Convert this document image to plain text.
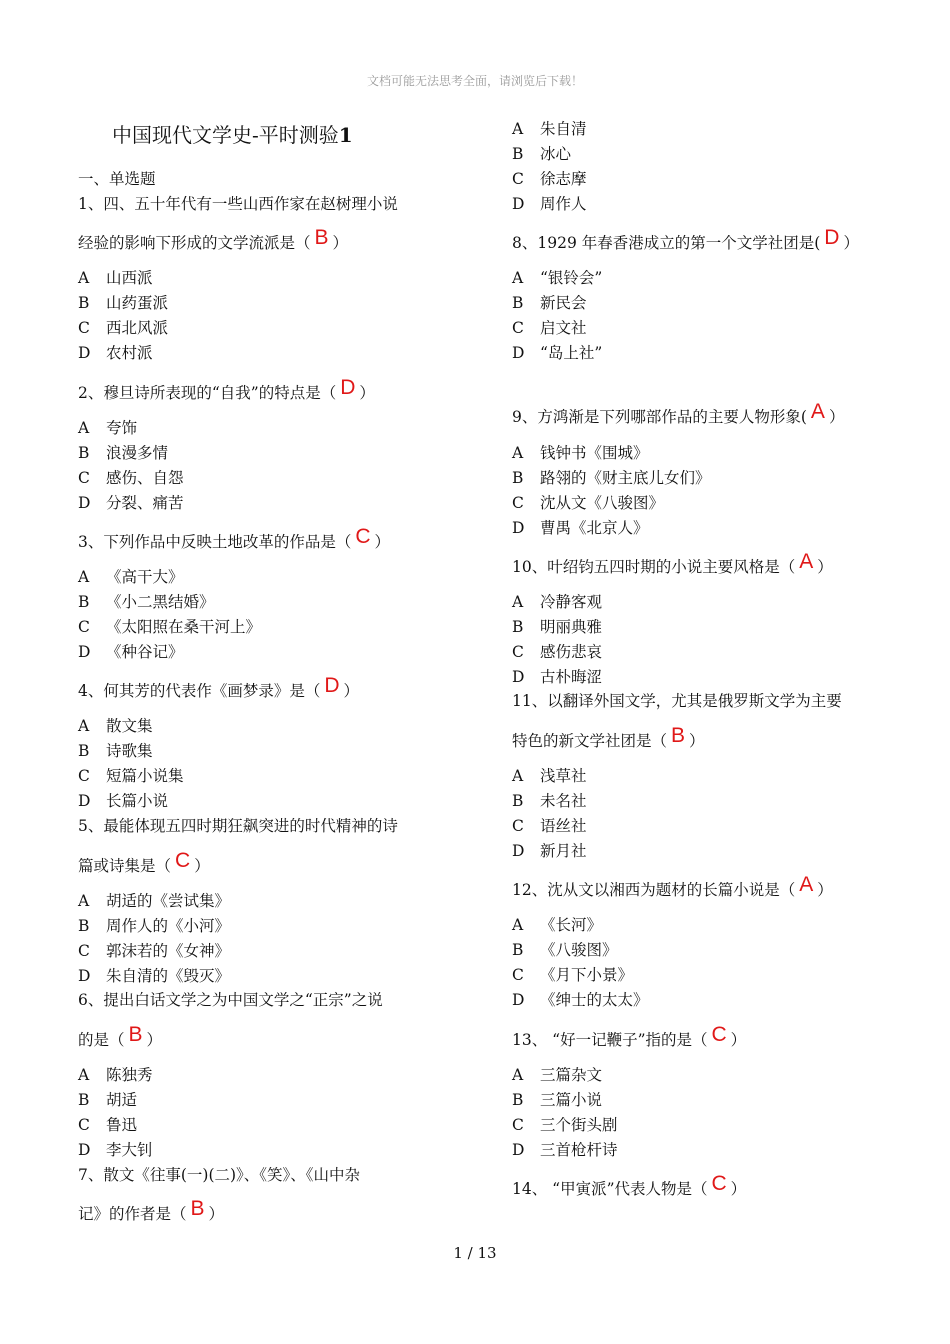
文档可能无法思考全面，请浏览后下载！
中国现代文学史-平时测验1
一、单选题
1、四、五十年代有一些山西作家在赵树理小说
经验的影响下形成的文学流派是（ B ）
A 山西派
B 山药蛋派
C 西北风派
D 农村派
2、穆旦诗所表现的“自我”的特点是（ D ）
A 夸饰
B 浪漫多情
C 感伤、自怨
D 分裂、痛苦
3、下列作品中反映土地改革的作品是（ C ）
A 《高干大》
B 《小二黑结婚》
C 《太阳照在桑干河上》
D 《种谷记》
4、何其芳的代表作《画梦录》是（ D ）
A 散文集
B 诗歌集
C 短篇小说集
D 长篇小说
5、最能体现五四时期狂飙突进的时代精神的诗
篇或诗集是（ C ）
A 胡适的《尝试集》
B 周作人的《小河》
C 郭沫若的《女神》
D 朱自清的《毁灭》
6、提出白话文学之为中国文学之“正宗”之说
的是（ B ）
A 陈独秀
B 胡适
C 鲁迅
D 李大钊
7、散文《往事(一)(二)》、《笑》、《山中杂
记》的作者是（ B ）
A 朱自清
B 冰心
C 徐志摩
D 周作人
8、1929 年春香港成立的第一个文学社团是( D ）
A “银铃会”
B 新民会
C 启文社
D “岛上社”
9、方鸿渐是下列哪部作品的主要人物形象( A ）
A 钱钟书《围城》
B 路翎的《财主底儿女们》
C 沈从文《八骏图》
D 曹禺《北京人》
10、叶绍钧五四时期的小说主要风格是（ A ）
A 冷静客观
B 明丽典雅
C 感伤悲哀
D 古朴晦涩
11、以翻译外国文学，尤其是俄罗斯文学为主要
特色的新文学社团是（ B ）
A 浅草社
B 未名社
C 语丝社
D 新月社
12、沈从文以湘西为题材的长篇小说是（ A ）
A 《长河》
B 《八骏图》
C 《月下小景》
D 《绅士的太太》
13、 “好一记鞭子”指的是（ C ）
A 三篇杂文
B 三篇小说
C 三个街头剧
D 三首枪杆诗
14、 “甲寅派”代表人物是（ C ）
1 / 13
